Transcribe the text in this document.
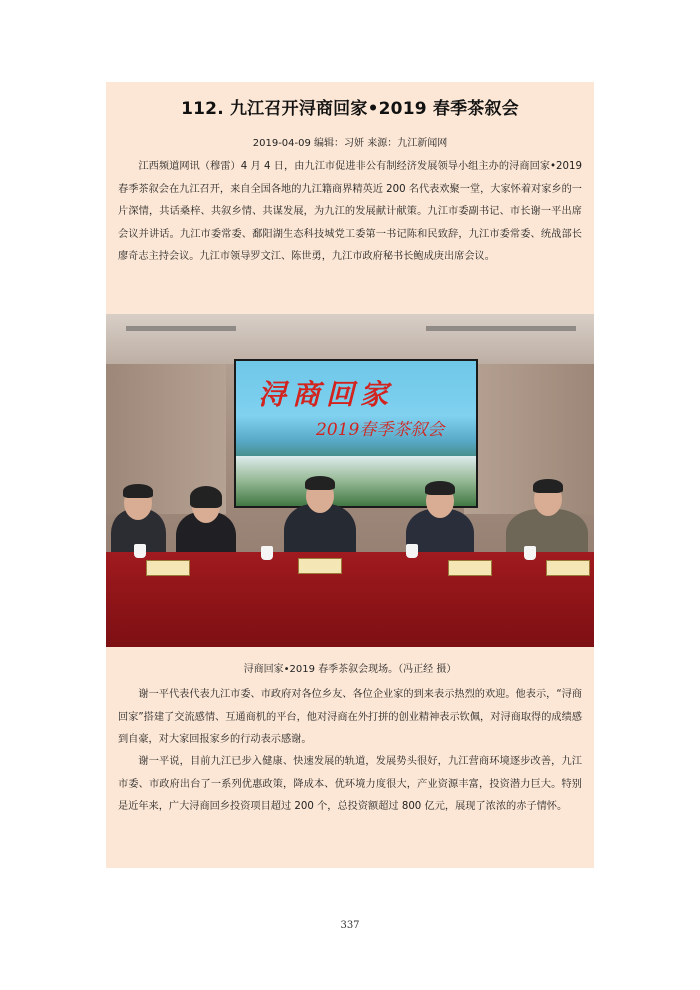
112. 九江召开浔商回家•2019 春季茶叙会
2019-04-09 编辑：习妍 来源：九江新闻网

江西频道网讯（穆雷）4 月 4 日，由九江市促进非公有制经济发展领导小组主办的浔商回家•2019 春季茶叙会在九江召开，来自全国各地的九江籍商界精英近 200 名代表欢聚一堂，大家怀着对家乡的一片深情，共话桑梓、共叙乡情、共谋发展，为九江的发展献计献策。九江市委副书记、市长谢一平出席会议并讲话。九江市委常委、鄱阳湖生态科技城党工委第一书记陈和民致辞，九江市委常委、统战部长廖奇志主持会议。九江市领导罗文江、陈世勇，九江市政府秘书长鲍成庚出席会议。

浔商回家
2019春季茶叙会
浔商回家•2019 春季茶叙会现场。（冯正经 摄）

谢一平代表代表九江市委、市政府对各位乡友、各位企业家的到来表示热烈的欢迎。他表示，“浔商回家”搭建了交流感情、互通商机的平台，他对浔商在外打拼的创业精神表示钦佩，对浔商取得的成绩感到自豪，对大家回报家乡的行动表示感谢。

谢一平说，目前九江已步入健康、快速发展的轨道，发展势头很好，九江营商环境逐步改善，九江市委、市政府出台了一系列优惠政策，降成本、优环境力度很大，产业资源丰富，投资潜力巨大。特别是近年来，广大浔商回乡投资项目超过 200 个，总投资额超过 800 亿元，展现了浓浓的赤子情怀。

337
